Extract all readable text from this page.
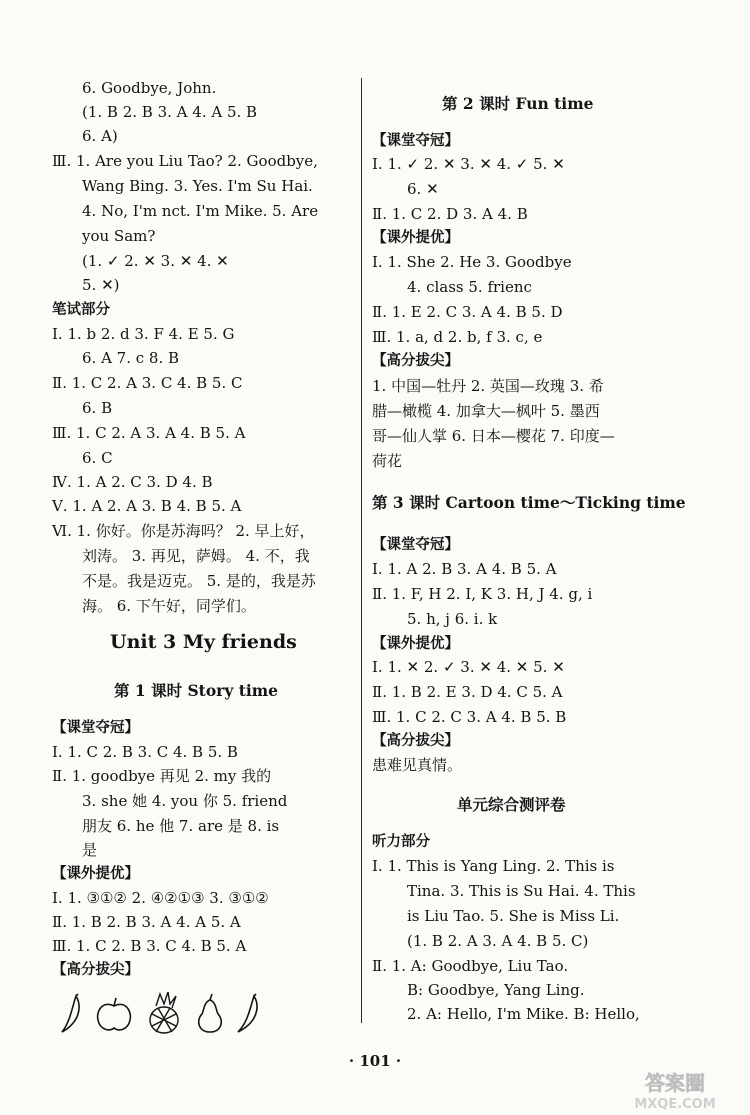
6. Goodbye, John.
(1. B 2. B 3. A 4. A 5. B
6. A)
Ⅲ. 1. Are you Liu Tao? 2. Goodbye,
Wang Bing. 3. Yes. I'm Su Hai.
4. No, I'm nct. I'm Mike. 5. Are
you Sam?
(1. ✓ 2. ✕ 3. ✕ 4. ✕
5. ✕)
笔试部分
Ⅰ. 1. b 2. d 3. F 4. E 5. G
6. A 7. c 8. B
Ⅱ. 1. C 2. A 3. C 4. B 5. C
6. B
Ⅲ. 1. C 2. A 3. A 4. B 5. A
6. C
Ⅳ. 1. A 2. C 3. D 4. B
Ⅴ. 1. A 2. A 3. B 4. B 5. A
Ⅵ. 1. 你好。你是苏海吗？ 2. 早上好，
刘涛。 3. 再见，萨姆。 4. 不，我
不是。我是迈克。 5. 是的，我是苏
海。 6. 下午好，同学们。
Unit 3 My friends
第 1 课时 Story time
【课堂夺冠】
Ⅰ. 1. C 2. B 3. C 4. B 5. B
Ⅱ. 1. goodbye 再见 2. my 我的
3. she 她 4. you 你 5. friend
朋友 6. he 他 7. are 是 8. is
是
【课外提优】
Ⅰ. 1. ③①② 2. ④②①③ 3. ③①②
Ⅱ. 1. B 2. B 3. A 4. A 5. A
Ⅲ. 1. C 2. B 3. C 4. B 5. A
【高分拔尖】
第 2 课时 Fun time
【课堂夺冠】
Ⅰ. 1. ✓ 2. ✕ 3. ✕ 4. ✓ 5. ✕
6. ✕
Ⅱ. 1. C 2. D 3. A 4. B
【课外提优】
Ⅰ. 1. She 2. He 3. Goodbye
4. class 5. frienc
Ⅱ. 1. E 2. C 3. A 4. B 5. D
Ⅲ. 1. a, d 2. b, f 3. c, e
【高分拔尖】
1. 中国—牡丹 2. 英国—玫瑰 3. 希
腊—橄榄 4. 加拿大—枫叶 5. 墨西
哥—仙人掌 6. 日本—樱花 7. 印度—
荷花
第 3 课时 Cartoon time～Ticking time
【课堂夺冠】
Ⅰ. 1. A 2. B 3. A 4. B 5. A
Ⅱ. 1. F, H 2. I, K 3. H, J 4. g, i
5. h, j 6. i. k
【课外提优】
Ⅰ. 1. ✕ 2. ✓ 3. ✕ 4. ✕ 5. ✕
Ⅱ. 1. B 2. E 3. D 4. C 5. A
Ⅲ. 1. C 2. C 3. A 4. B 5. B
【高分拔尖】
患难见真情。
单元综合测评卷
听力部分
Ⅰ. 1. This is Yang Ling. 2. This is
Tina. 3. This is Su Hai. 4. This
is Liu Tao. 5. She is Miss Li.
(1. B 2. A 3. A 4. B 5. C)
Ⅱ. 1. A: Goodbye, Liu Tao.
B: Goodbye, Yang Ling.
2. A: Hello, I'm Mike. B: Hello,
· 101 ·
答案圈
MXQE.COM
